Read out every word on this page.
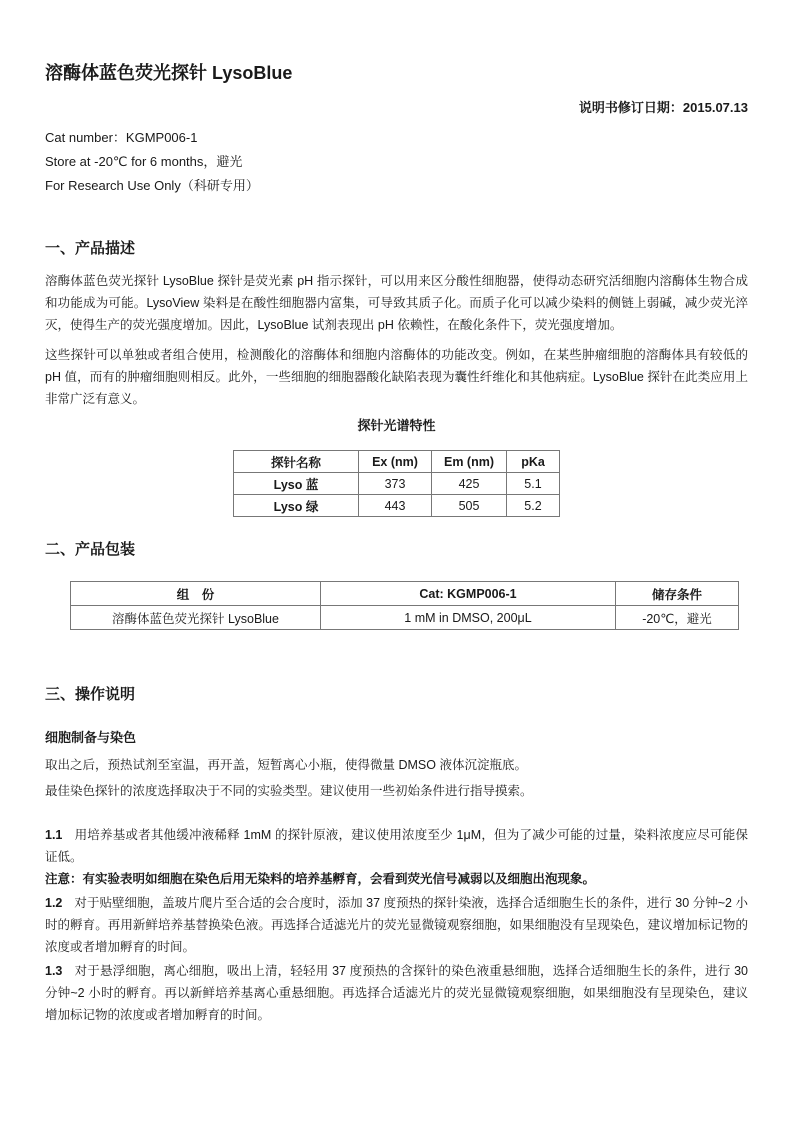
溶酶体蓝色荧光探针 LysoBlue
说明书修订日期：2015.07.13
Cat number：KGMP006-1
Store at -20℃ for 6 months，避光
For Research Use Only（科研专用）
一、产品描述

溶酶体蓝色荧光探针 LysoBlue 探针是荧光素 pH 指示探针，可以用来区分酸性细胞器，使得动态研究活细胞内溶酶体生物合成和功能成为可能。LysoView 染料是在酸性细胞器内富集，可导致其质子化。而质子化可以减少染料的侧链上弱碱，减少荧光淬灭，使得生产的荧光强度增加。因此，LysoBlue 试剂表现出 pH 依赖性，在酸化条件下，荧光强度增加。

这些探针可以单独或者组合使用，检测酸化的溶酶体和细胞内溶酶体的功能改变。例如，在某些肿瘤细胞的溶酶体具有较低的 pH 值，而有的肿瘤细胞则相反。此外，一些细胞的细胞器酸化缺陷表现为囊性纤维化和其他病症。LysoBlue 探针在此类应用上非常广泛有意义。

探针光谱特性
探针名称	Ex (nm)	Em (nm)	pKa
Lyso 蓝	373	425	5.1
Lyso 绿	443	505	5.2
二、产品包装
组　份	Cat: KGMP006-1	储存条件
溶酶体蓝色荧光探针 LysoBlue	1 mM in DMSO, 200μL	-20℃，避光
三、操作说明
细胞制备与染色

取出之后，预热试剂至室温，再开盖，短暂离心小瓶，使得微量 DMSO 液体沉淀瓶底。

最佳染色探针的浓度选择取决于不同的实验类型。建议使用一些初始条件进行指导摸索。

1.1 用培养基或者其他缓冲液稀释 1mM 的探针原液，建议使用浓度至少 1μM，但为了减少可能的过量，染料浓度应尽可能保证低。

注意：有实验表明如细胞在染色后用无染料的培养基孵育，会看到荧光信号减弱以及细胞出泡现象。

1.2 对于贴壁细胞，盖玻片爬片至合适的会合度时，添加 37 度预热的探针染液，选择合适细胞生长的条件，进行 30 分钟~2 小时的孵育。再用新鲜培养基替换染色液。再选择合适滤光片的荧光显微镜观察细胞，如果细胞没有呈现染色，建议增加标记物的浓度或者增加孵育的时间。

1.3 对于悬浮细胞，离心细胞，吸出上清，轻轻用 37 度预热的含探针的染色液重悬细胞，选择合适细胞生长的条件，进行 30 分钟~2 小时的孵育。再以新鲜培养基离心重悬细胞。再选择合适滤光片的荧光显微镜观察细胞，如果细胞没有呈现染色，建议增加标记物的浓度或者增加孵育的时间。
